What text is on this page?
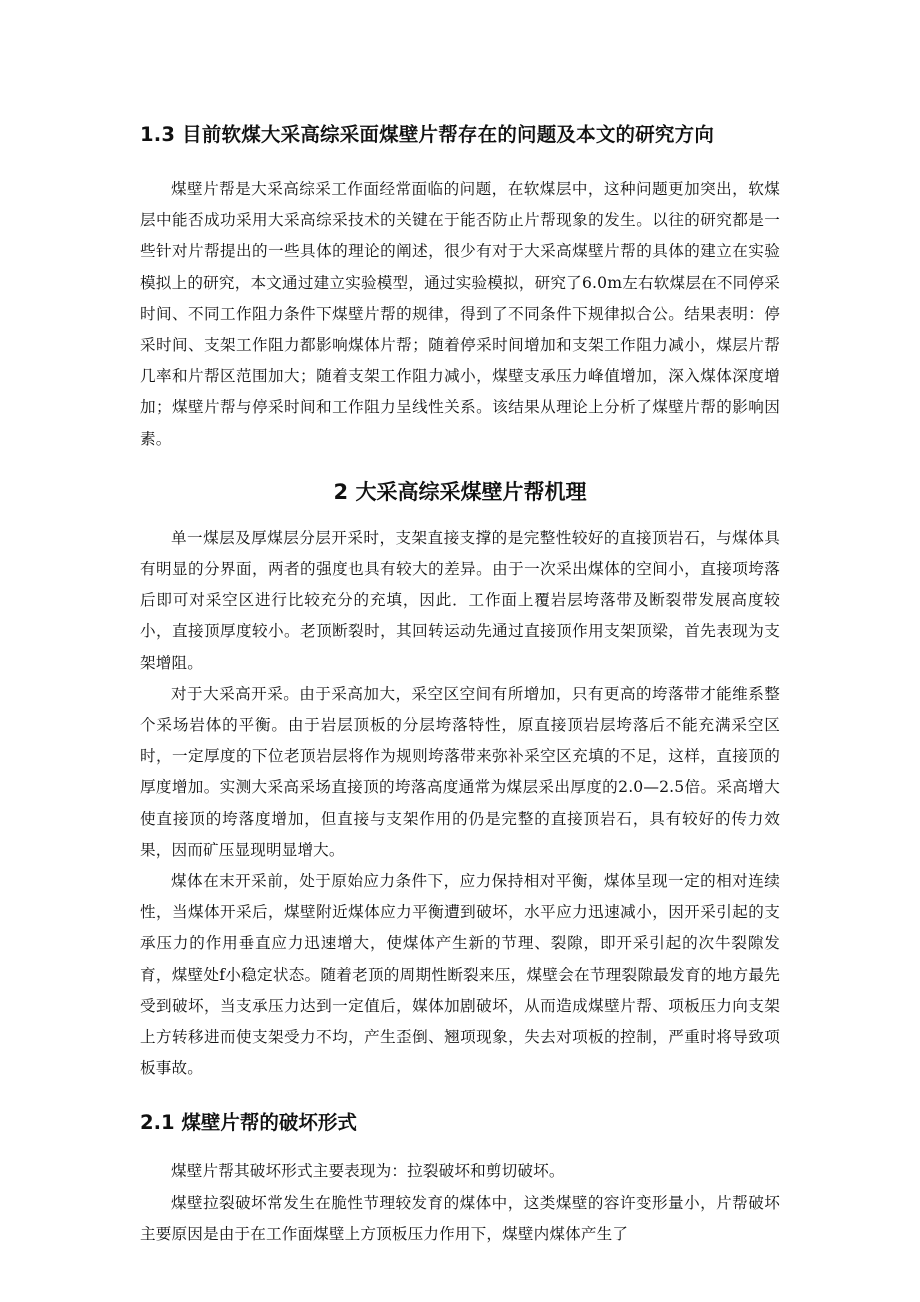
1.3 目前软煤大采高综采面煤壁片帮存在的问题及本文的研究方向

煤壁片帮是大采高综采工作面经常面临的问题，在软煤层中，这种问题更加突出，软煤层中能否成功采用大采高综采技术的关键在于能否防止片帮现象的发生。以往的研究都是一些针对片帮提出的一些具体的理论的阐述，很少有对于大采高煤壁片帮的具体的建立在实验模拟上的研究，本文通过建立实验模型，通过实验模拟，研究了6.0m左右软煤层在不同停采时间、不同工作阻力条件下煤壁片帮的规律，得到了不同条件下规律拟合公。结果表明：停采时间、支架工作阻力都影响煤体片帮；随着停采时间增加和支架工作阻力减小，煤层片帮几率和片帮区范围加大；随着支架工作阻力减小，煤壁支承压力峰值增加，深入煤体深度增加；煤壁片帮与停采时间和工作阻力呈线性关系。该结果从理论上分析了煤壁片帮的影响因素。

2 大采高综采煤壁片帮机理

单一煤层及厚煤层分层开采时，支架直接支撑的是完整性较好的直接顶岩石，与煤体具有明显的分界面，两者的强度也具有较大的差异。由于一次采出煤体的空间小，直接项垮落后即可对采空区进行比较充分的充填，因此．工作面上覆岩层垮落带及断裂带发展高度较小，直接顶厚度较小。老顶断裂时，其回转运动先通过直接顶作用支架顶梁，首先表现为支架增阻。

对于大采高开采。由于采高加大，采空区空间有所增加，只有更高的垮落带才能维系整个采场岩体的平衡。由于岩层顶板的分层垮落特性，原直接顶岩层垮落后不能充满采空区时，一定厚度的下位老顶岩层将作为规则垮落带来弥补采空区充填的不足，这样，直接顶的厚度增加。实测大采高采场直接顶的垮落高度通常为煤层采出厚度的2.0—2.5倍。采高增大使直接顶的垮落度增加，但直接与支架作用的仍是完整的直接顶岩石，具有较好的传力效果，因而矿压显现明显增大。

煤体在末开采前，处于原始应力条件下，应力保持相对平衡，煤体呈现一定的相对连续性，当煤体开采后，煤壁附近煤体应力平衡遭到破坏，水平应力迅速减小，因开采引起的支承压力的作用垂直应力迅速增大，使煤体产生新的节理、裂隙，即开采引起的次牛裂隙发育，煤壁处f小稳定状态。随着老顶的周期性断裂来压，煤壁会在节理裂隙最发育的地方最先受到破坏，当支承压力达到一定值后，媒体加剧破坏，从而造成煤壁片帮、项板压力向支架上方转移进而使支架受力不均，产生歪倒、翘项现象，失去对项板的控制，严重时将导致项板事故。

2.1 煤壁片帮的破坏形式

煤壁片帮其破坏形式主要表现为：拉裂破坏和剪切破坏。

煤壁拉裂破坏常发生在脆性节理较发育的煤体中，这类煤壁的容许变形量小，片帮破坏主要原因是由于在工作面煤壁上方顶板压力作用下，煤壁内煤体产生了
